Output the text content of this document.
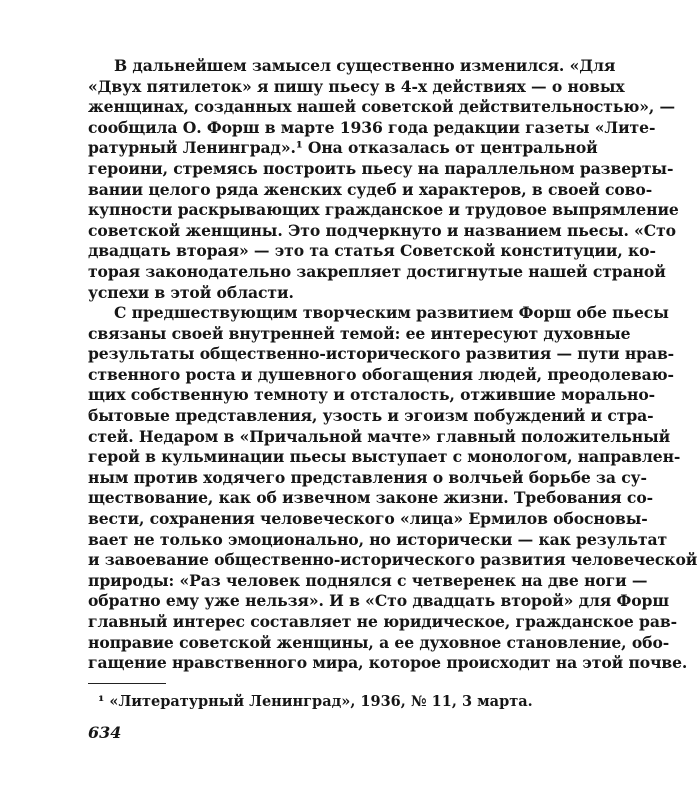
В дальнейшем замысел существенно изменился. «Для
«Двух пятилеток» я пишу пьесу в 4-х действиях — о новых
женщинах, созданных нашей советской действительностью», —
сообщила О. Форш в марте 1936 года редакции газеты «Лите-
ратурный Ленинград».¹ Она отказалась от центральной
героини, стремясь построить пьесу на параллельном разверты-
вании целого ряда женских судеб и характеров, в своей сово-
купности раскрывающих гражданское и трудовое выпрямление
советской женщины. Это подчеркнуто и названием пьесы. «Сто
двадцать вторая» — это та статья Советской конституции, ко-
торая законодательно закрепляет достигнутые нашей страной
успехи в этой области.
С предшествующим творческим развитием Форш обе пьесы
связаны своей внутренней темой: ее интересуют духовные
результаты общественно-исторического развития — пути нрав-
ственного роста и душевного обогащения людей, преодолеваю-
щих собственную темноту и отсталость, отжившие морально-
бытовые представления, узость и эгоизм побуждений и стра-
стей. Недаром в «Причальной мачте» главный положительный
герой в кульминации пьесы выступает с монологом, направлен-
ным против ходячего представления о волчьей борьбе за су-
ществование, как об извечном законе жизни. Требования со-
вести, сохранения человеческого «лица» Ермилов обосновы-
вает не только эмоционально, но исторически — как результат
и завоевание общественно-исторического развития человеческой
природы: «Раз человек поднялся с четверенек на две ноги —
обратно ему уже нельзя». И в «Сто двадцать второй» для Форш
главный интерес составляет не юридическое, гражданское рав-
ноправие советской женщины, а ее духовное становление, обо-
гащение нравственного мира, которое происходит на этой почве.
¹ «Литературный Ленинград», 1936, № 11, 3 марта.
634
